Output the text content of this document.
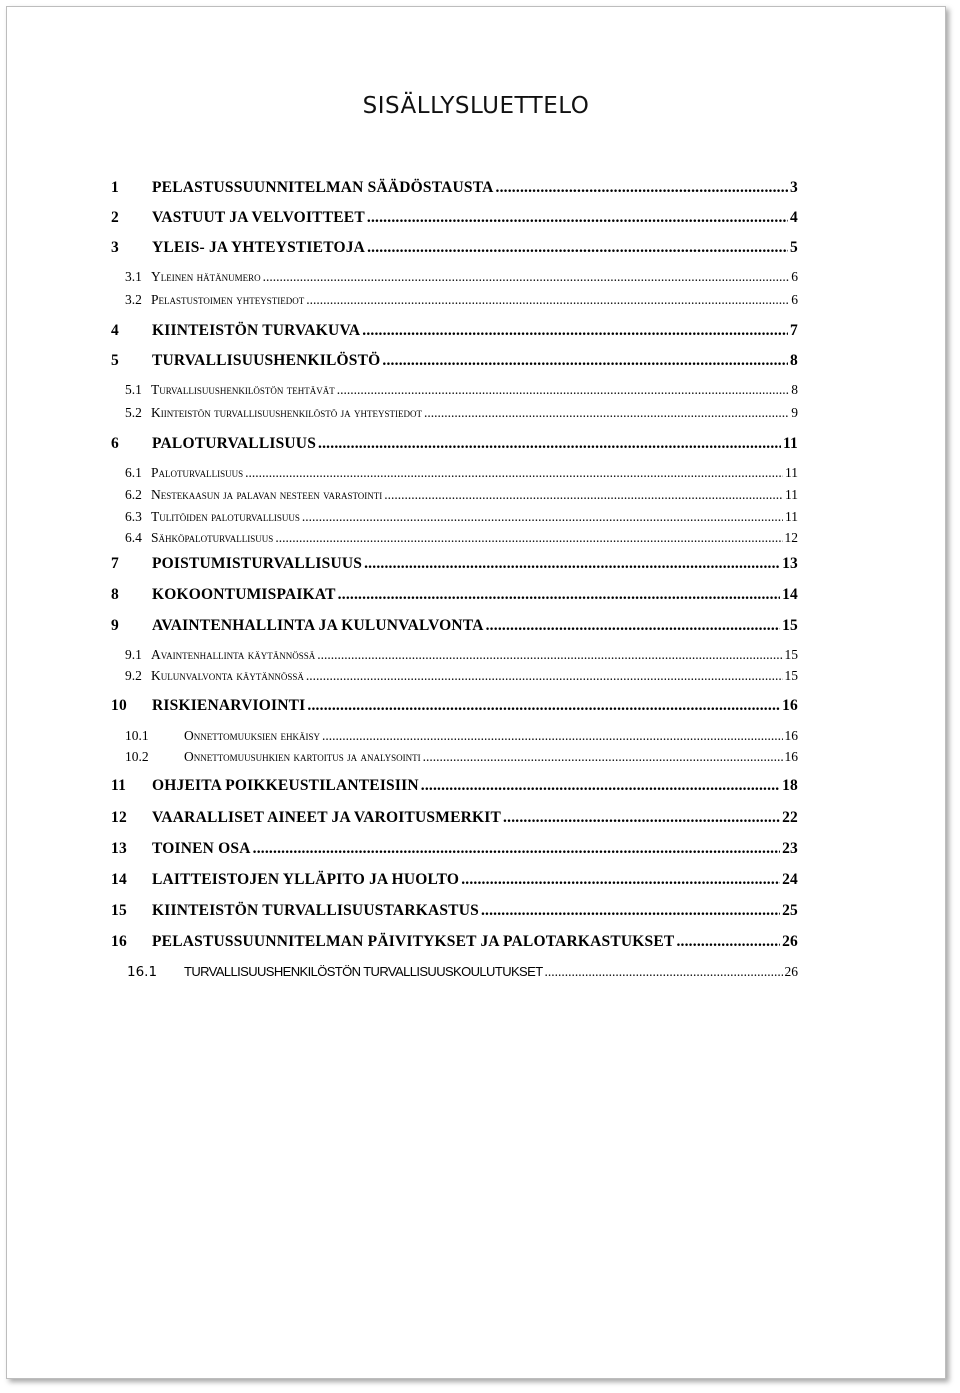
SISÄLLYSLUETTELO
1 PELASTUSSUUNNITELMAN SÄÄDÖSTAUSTA .....	3
2 VASTUUT JA VELVOITTEET .....	4
3 YLEIS- JA YHTEYSTIETOJA .....	5
3.1 Yleinen hätänumero .....	6
3.2 Pelastustoimen yhteystiedot .....	6
4 KIINTEISTÖN TURVAKUVA .....	7
5 TURVALLISUUSHENKILÖSTÖ .....	8
5.1 Turvallisuushenkilöstön tehtävät .....	8
5.2 Kiinteistön turvallisuushenkilöstö ja yhteystiedot .....	9
6 PALOTURVALLISUUS .....	11
6.1 Paloturvallisuus .....	11
6.2 Nestekaasun ja palavan nesteen varastointi .....	11
6.3 Tulitöiden paloturvallisuus .....	11
6.4 Sähköpaloturvallisuus .....	12
7 POISTUMISTURVALLISUUS .....	13
8 KOKOONTUMISPAIKAT .....	14
9 AVAINTENHALLINTA JA KULUNVALVONTA .....	15
9.1 Avaintenhallinta käytännössä .....	15
9.2 Kulunvalvonta käytännössä .....	15
10 RISKIENARVIOINTI .....	16
10.1	Onnettomuuksien ehkäisy .....	16
10.2	Onnettomuusuhkien kartoitus ja analysointi .....	16
11 OHJEITA POIKKEUSTILANTEISIIN .....	18
12 VAARALLISET AINEET JA VAROITUSMERKIT .....	22
13 TOINEN OSA .....	23
14 LAITTEISTOJEN YLLÄPITO JA HUOLTO .....	24
15 KIINTEISTÖN TURVALLISUUSTARKASTUS .....	25
16 PELASTUSSUUNNITELMAN PÄIVITYKSET JA PALOTARKASTUKSET .....	26
16.1 TURVALLISUUSHENKILÖSTÖN TURVALLISUUSKOULUTUKSET .....	26
